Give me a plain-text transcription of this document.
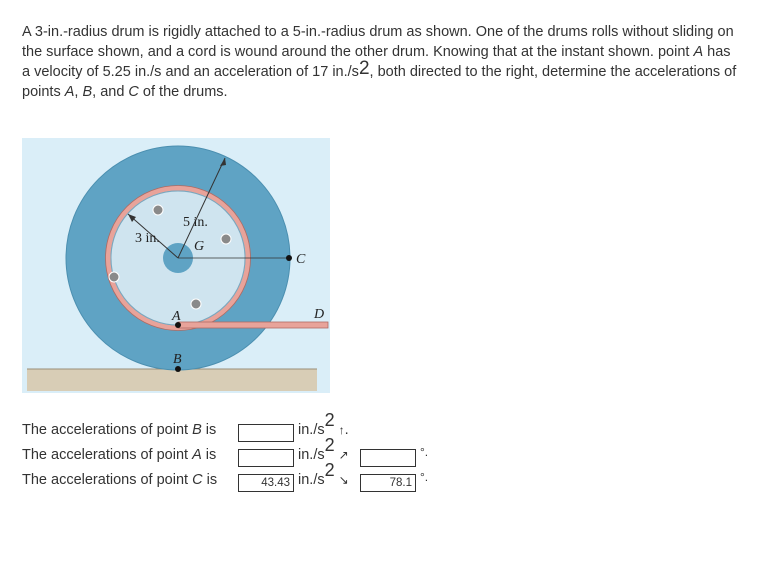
A 3-in.-radius drum is rigidly attached to a 5-in.-radius drum as shown. One of the drums rolls without sliding on the surface shown, and a cord is wound around the other drum. Knowing that at the instant shown. point A has a velocity of 5.25 in./s and an acceleration of 17 $in./s^2$, both directed to the right, determine the accelerations of points A, B, and C of the drums.
3 in.
5 in.
G
C
D
A
B
The accelerations of point B is	$in./s^2$ ↑.
The accelerations of point A is	$in./s^2$ ↗	°.
The accelerations of point C is	43.43 $in./s^2$ ↘	78.1 °.
